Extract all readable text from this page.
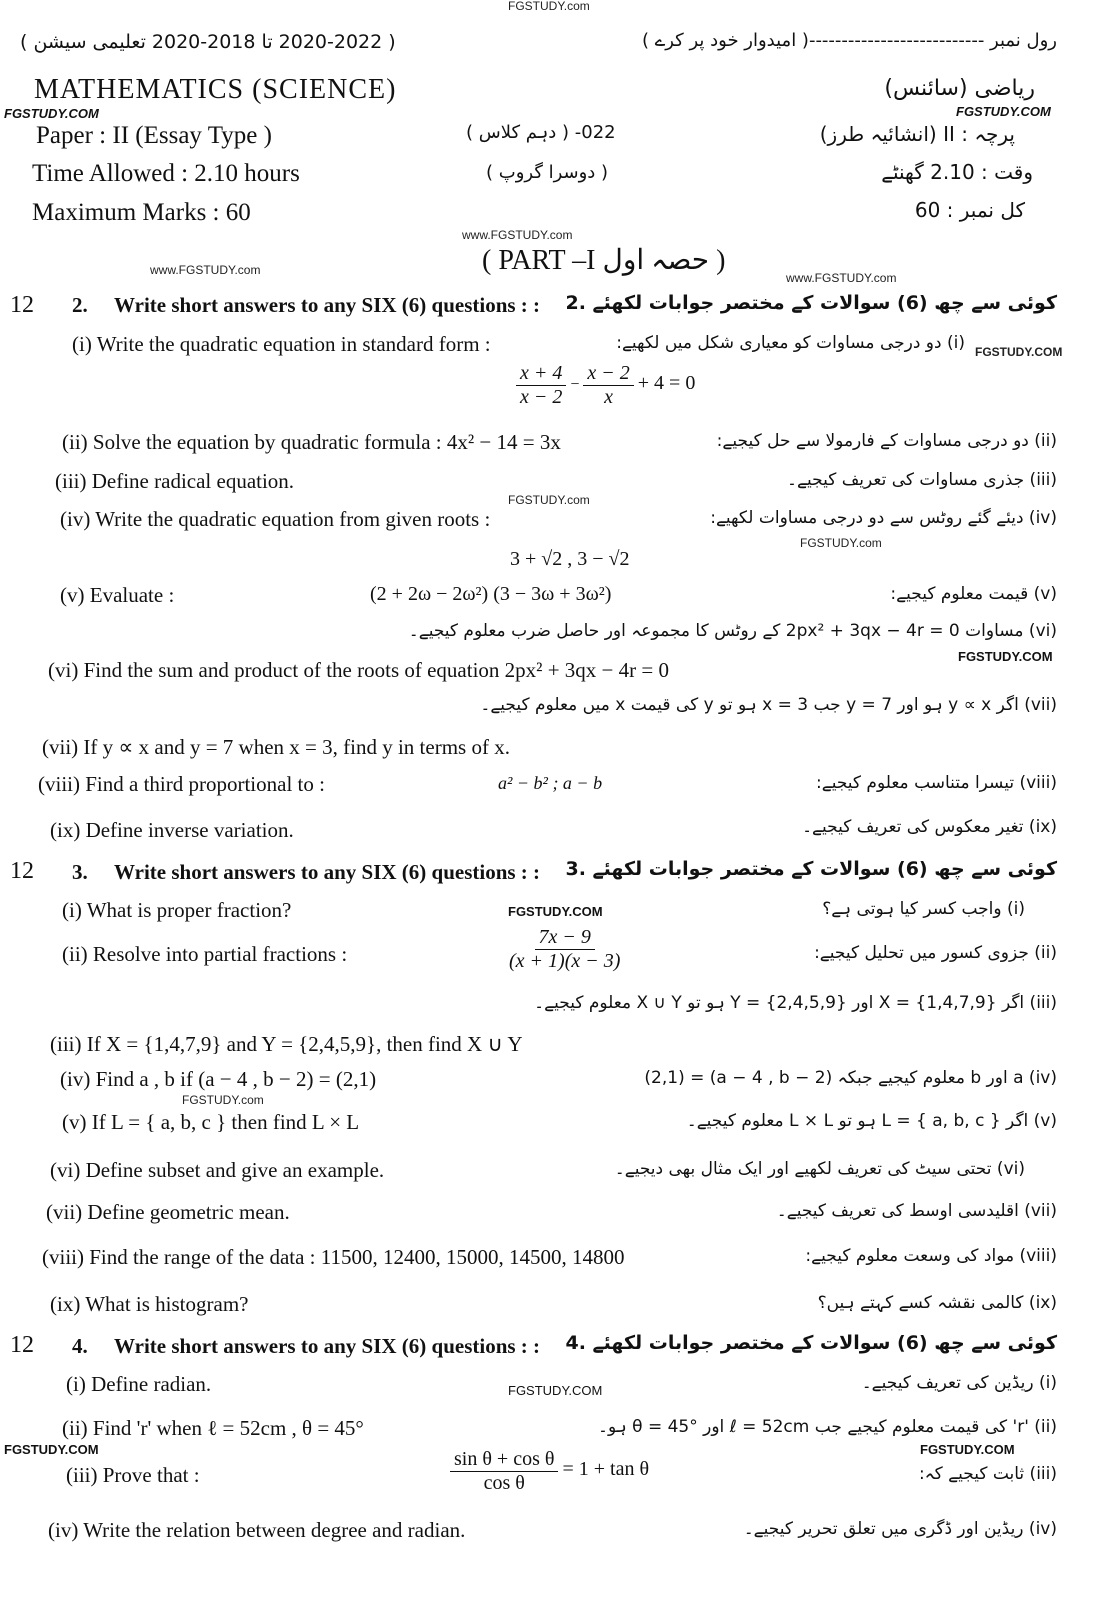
FGSTUDY.com
FGSTUDY.COM	FGSTUDY.COM
www.FGSTUDY.com
www.FGSTUDY.com
www.FGSTUDY.com
FGSTUDY.COM
FGSTUDY.com
FGSTUDY.com
FGSTUDY.COM
FGSTUDY.COM
FGSTUDY.COM
FGSTUDY.COM	FGSTUDY.COM
FGSTUDY.com
( 2020-2022 تا 2018-2020 تعلیمی سیشن )	رول نمبر ---------------------------( امیدوار خود پر کرے )
MATHEMATICS (SCIENCE)	ریاضی (سائنس)
Paper : II (Essay Type )	022- ( دہم کلاس )	پرچہ : II (انشائیہ طرز)
Time Allowed : 2.10 hours	( دوسرا گروپ )	وقت : 2.10 گھنٹے
Maximum Marks : 60	کل نمبر : 60
( PART –I حصہ اول )
12 2. Write short answers to any SIX (6) questions : : کوئی سے چھ (6) سوالات کے مختصر جوابات لکھئے .2
(i) Write the quadratic equation in standard form :	(i) دو درجی مساوات کو معیاری شکل میں لکھیے:
$\frac{x + 4}{x - 2} - \frac{x - 2}{x} + 4 = 0$
(ii) Solve the equation by quadratic formula : 4x² − 14 = 3x	(ii) دو درجی مساوات کے فارمولا سے حل کیجیے:
(iii) Define radical equation.	(iii) جذری مساوات کی تعریف کیجیے۔
(iv) Write the quadratic equation from given roots :	(iv) دیئے گئے روٹس سے دو درجی مساوات لکھیے:
3 + √2 , 3 − √2
(v) Evaluate :	(2 + 2ω − 2ω²) (3 − 3ω + 3ω²)	(v) قیمت معلوم کیجیے:
(vi) مساوات 2px² + 3qx − 4r = 0 کے روٹس کا مجموعہ اور حاصل ضرب معلوم کیجیے۔
(vi) Find the sum and product of the roots of equation 2px² + 3qx − 4r = 0
(vii) اگر y ∝ x ہو اور y = 7 جب x = 3 ہو تو y کی قیمت x میں معلوم کیجیے۔
(vii) If y ∝ x and y = 7 when x = 3, find y in terms of x.
(viii) Find a third proportional to :	a² − b² ; a − b	(viii) تیسرا متناسب معلوم کیجیے:
(ix) Define inverse variation.	(ix) تغیر معکوس کی تعریف کیجیے۔
12 3. Write short answers to any SIX (6) questions : : کوئی سے چھ (6) سوالات کے مختصر جوابات لکھئے .3
(i) What is proper fraction?	(i) واجب کسر کیا ہوتی ہے؟
(ii) Resolve into partial fractions :	$\frac{7x - 9}{(x + 1)(x - 3)}$	(ii) جزوی کسور میں تحلیل کیجیے:
(iii) اگر X = {1,4,7,9} اور Y = {2,4,5,9} ہو تو X ∪ Y معلوم کیجیے۔
(iii) If X = {1,4,7,9} and Y = {2,4,5,9}, then find X ∪ Y
(iv) Find a , b if (a − 4 , b − 2) = (2,1)	(iv) a اور b معلوم کیجیے جبکہ (a − 4 , b − 2) = (2,1)
(v) If L = { a, b, c } then find L × L	(v) اگر L = { a, b, c } ہو تو L × L معلوم کیجیے۔
(vi) Define subset and give an example.	(vi) تحتی سیٹ کی تعریف لکھیے اور ایک مثال بھی دیجیے۔
(vii) Define geometric mean.	(vii) اقلیدسی اوسط کی تعریف کیجیے۔
(viii) Find the range of the data : 11500, 12400, 15000, 14500, 14800	(viii) مواد کی وسعت معلوم کیجیے:
(ix) What is histogram?	(ix) کالمی نقشہ کسے کہتے ہیں؟
12 4. Write short answers to any SIX (6) questions : : کوئی سے چھ (6) سوالات کے مختصر جوابات لکھئے .4
(i) Define radian.	(i) ریڈین کی تعریف کیجیے۔
(ii) Find 'r' when ℓ = 52cm , θ = 45°	(ii) 'r' کی قیمت معلوم کیجیے جب ℓ = 52cm اور θ = 45° ہو۔
(iii) Prove that :	$\frac{\text{sin θ + cos θ}}{\text{cos θ}} = 1 + \tan \theta$	(iii) ثابت کیجیے کہ:
(iv) Write the relation between degree and radian.	(iv) ریڈین اور ڈگری میں تعلق تحریر کیجیے۔
